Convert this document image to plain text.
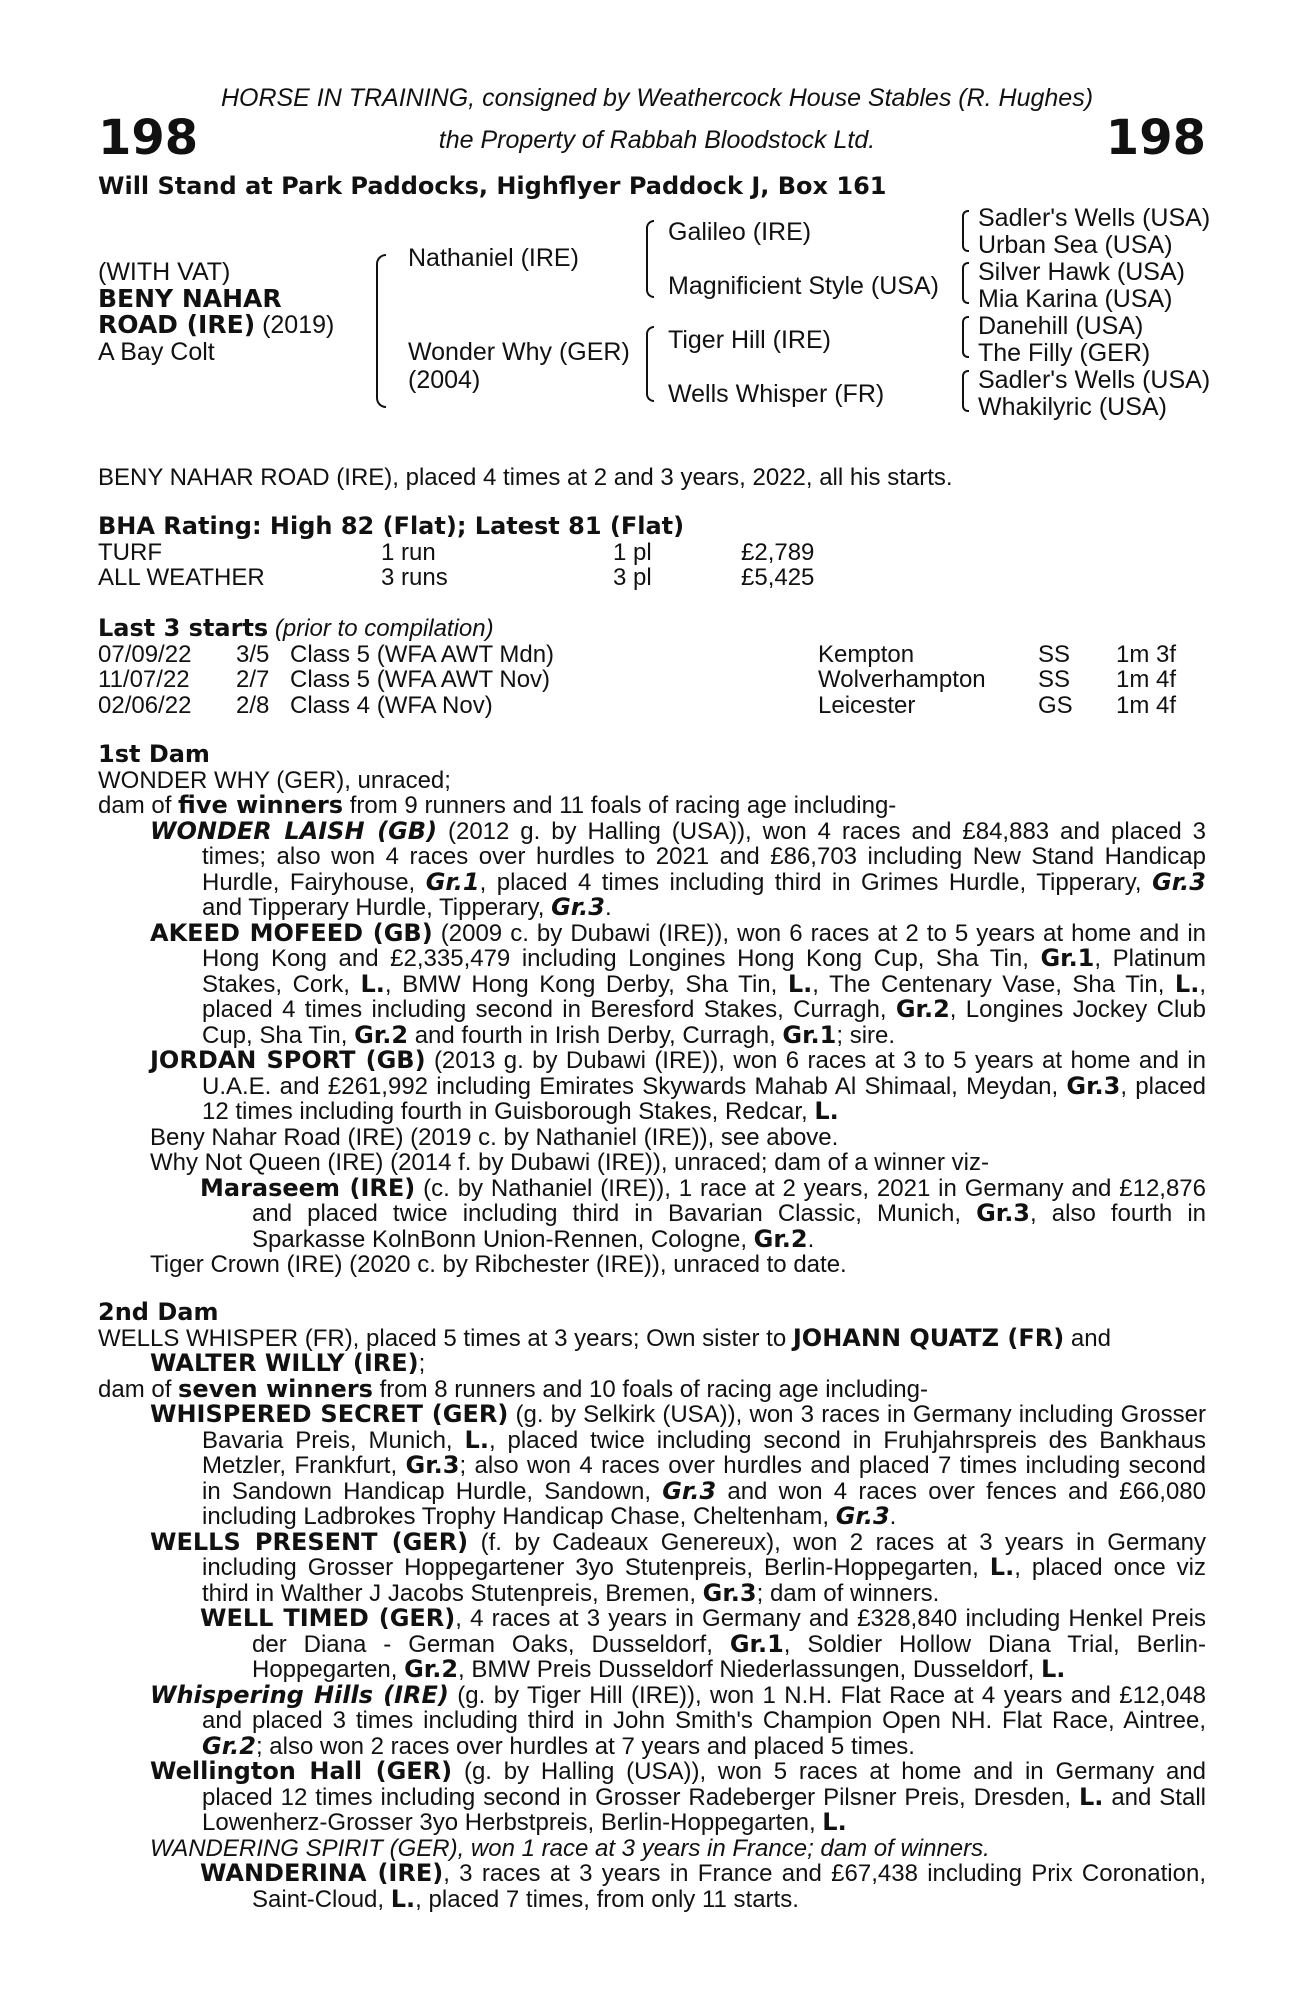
HORSE IN TRAINING, consigned by Weathercock House Stables (R. Hughes)
the Property of Rabbah Bloodstock Ltd.
198	198
Will Stand at Park Paddocks, Highflyer Paddock J, Box 161
(WITH VAT)
BENY NAHAR
ROAD (IRE) (2019)
A Bay Colt
Nathaniel (IRE)
Wonder Why (GER)
(2004)
Galileo (IRE)
Magnificient Style (USA)
Tiger Hill (IRE)
Wells Whisper (FR)
Sadler's Wells (USA)
Urban Sea (USA)
Silver Hawk (USA)
Mia Karina (USA)
Danehill (USA)
The Filly (GER)
Sadler's Wells (USA)
Whakilyric (USA)
BENY NAHAR ROAD (IRE), placed 4 times at 2 and 3 years, 2022, all his starts.
BHA Rating: High 82 (Flat); Latest 81 (Flat)
TURF	1 run	1 pl	£2,789
ALL WEATHER	3 runs	3 pl	£5,425
Last 3 starts (prior to compilation)
07/09/22	3/5	Class 5 (WFA AWT Mdn)	Kempton	SS	1m 3f
11/07/22	2/7	Class 5 (WFA AWT Nov)	Wolverhampton	SS	1m 4f
02/06/22	2/8	Class 4 (WFA Nov)	Leicester	GS	1m 4f
1st Dam
WONDER WHY (GER), unraced;
dam of five winners from 9 runners and 11 foals of racing age including-
WONDER LAISH (GB) (2012 g. by Halling (USA)), won 4 races and £84,883 and placed 3 times; also won 4 races over hurdles to 2021 and £86,703 including New Stand Handicap Hurdle, Fairyhouse, Gr.1, placed 4 times including third in Grimes Hurdle, Tipperary, Gr.3 and Tipperary Hurdle, Tipperary, Gr.3.
AKEED MOFEED (GB) (2009 c. by Dubawi (IRE)), won 6 races at 2 to 5 years at home and in Hong Kong and £2,335,479 including Longines Hong Kong Cup, Sha Tin, Gr.1, Platinum Stakes, Cork, L., BMW Hong Kong Derby, Sha Tin, L., The Centenary Vase, Sha Tin, L., placed 4 times including second in Beresford Stakes, Curragh, Gr.2, Longines Jockey Club Cup, Sha Tin, Gr.2 and fourth in Irish Derby, Curragh, Gr.1; sire.
JORDAN SPORT (GB) (2013 g. by Dubawi (IRE)), won 6 races at 3 to 5 years at home and in U.A.E. and £261,992 including Emirates Skywards Mahab Al Shimaal, Meydan, Gr.3, placed 12 times including fourth in Guisborough Stakes, Redcar, L.
Beny Nahar Road (IRE) (2019 c. by Nathaniel (IRE)), see above.
Why Not Queen (IRE) (2014 f. by Dubawi (IRE)), unraced; dam of a winner viz-
Maraseem (IRE) (c. by Nathaniel (IRE)), 1 race at 2 years, 2021 in Germany and £12,876 and placed twice including third in Bavarian Classic, Munich, Gr.3, also fourth in Sparkasse KolnBonn Union-Rennen, Cologne, Gr.2.
Tiger Crown (IRE) (2020 c. by Ribchester (IRE)), unraced to date.
2nd Dam
WELLS WHISPER (FR), placed 5 times at 3 years; Own sister to JOHANN QUATZ (FR) and
WALTER WILLY (IRE);
dam of seven winners from 8 runners and 10 foals of racing age including-
WHISPERED SECRET (GER) (g. by Selkirk (USA)), won 3 races in Germany including Grosser Bavaria Preis, Munich, L., placed twice including second in Fruhjahrspreis des Bankhaus Metzler, Frankfurt, Gr.3; also won 4 races over hurdles and placed 7 times including second in Sandown Handicap Hurdle, Sandown, Gr.3 and won 4 races over fences and £66,080 including Ladbrokes Trophy Handicap Chase, Cheltenham, Gr.3.
WELLS PRESENT (GER) (f. by Cadeaux Genereux), won 2 races at 3 years in Germany including Grosser Hoppegartener 3yo Stutenpreis, Berlin-Hoppegarten, L., placed once viz third in Walther J Jacobs Stutenpreis, Bremen, Gr.3; dam of winners.
WELL TIMED (GER), 4 races at 3 years in Germany and £328,840 including Henkel Preis der Diana - German Oaks, Dusseldorf, Gr.1, Soldier Hollow Diana Trial, Berlin-Hoppegarten, Gr.2, BMW Preis Dusseldorf Niederlassungen, Dusseldorf, L.
Whispering Hills (IRE) (g. by Tiger Hill (IRE)), won 1 N.H. Flat Race at 4 years and £12,048 and placed 3 times including third in John Smith's Champion Open NH. Flat Race, Aintree, Gr.2; also won 2 races over hurdles at 7 years and placed 5 times.
Wellington Hall (GER) (g. by Halling (USA)), won 5 races at home and in Germany and placed 12 times including second in Grosser Radeberger Pilsner Preis, Dresden, L. and Stall Lowenherz-Grosser 3yo Herbstpreis, Berlin-Hoppegarten, L.
WANDERING SPIRIT (GER), won 1 race at 3 years in France; dam of winners.
WANDERINA (IRE), 3 races at 3 years in France and £67,438 including Prix Coronation, Saint-Cloud, L., placed 7 times, from only 11 starts.
